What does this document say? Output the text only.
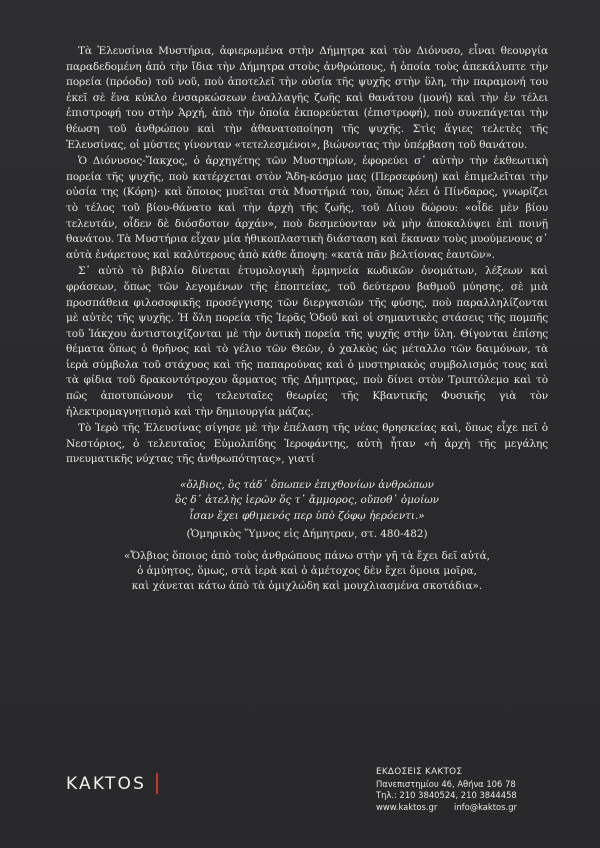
Τὰ Ἐλευσίνια Μυστήρια, ἀφιερωμένα στὴν Δήμητρα καὶ τὸν Διόνυσο, εἶναι θεουργία παραδεδομένη ἀπὸ τὴν ἴδια τὴν Δήμητρα στοὺς ἀνθρώπους, ἡ ὁποία τοὺς ἀπεκάλυπτε τὴν πορεία (πρόοδο) τοῦ νοῦ, ποὺ ἀποτελεῖ τὴν οὐσία τῆς ψυχῆς στὴν ὕλη, τὴν παραμονή του ἐκεῖ σὲ ἕνα κύκλο ἐνσαρκώσεων ἐναλλαγῆς ζωῆς καὶ θανάτου (μονή) καὶ τὴν ἐν τέλει ἐπιστροφή του στὴν Ἀρχή, ἀπὸ τὴν ὁποία ἐκπορεύεται (ἐπιστροφή), ποὺ συνεπάγεται τὴν θέωση τοῦ ἀνθρώπου καὶ τὴν ἀθανατοποίηση τῆς ψυχῆς. Στὶς ἅγιες τελετὲς τῆς Ἐλευσίνας, οἱ μύστες γίνονταν «τετελεσμένοι», βιώνοντας τὴν ὑπέρβαση τοῦ θανάτου.

Ὁ Διόνυσος-Ἴακχος, ὁ ἀρχηγέτης τῶν Μυστηρίων, ἐφορεύει σ᾽ αὐτὴν τὴν ἐκθεωτικὴ πορεία τῆς ψυχῆς, ποὺ κατέρχεται στὸν Ἅδη-κόσμο μας (Περσεφόνη) καὶ ἐπιμελεῖται τὴν οὐσία της (Κόρη)· καὶ ὅποιος μυεῖται στὰ Μυστήριά του, ὅπως λέει ὁ Πίνδαρος, γνωρίζει τὸ τέλος τοῦ βίου-θάνατο καὶ τὴν ἀρχὴ τῆς ζωῆς, τοῦ Δίιου δώρου: «οἶδε μὲν βίου τελευτάν, οἶδεν δὲ διόσδοτον ἀρχάν», ποὺ δεσμεύονταν νὰ μὴν ἀποκαλύψει ἐπὶ ποινῇ θανάτου. Τὰ Μυστήρια εἶχαν μία ἠθικοπλαστικὴ διάσταση καὶ ἔκαναν τοὺς μυούμενους σ᾽ αὐτὰ ἐνάρετους καὶ καλύτερους ἀπὸ κάθε ἄποψη: «κατὰ πᾶν βελτίονας ἑαυτῶν».

Σ᾽ αὐτὸ τὸ βιβλίο δίνεται ἐτυμολογικὴ ἑρμηνεία κωδικῶν ὀνομάτων, λέξεων καὶ φράσεων, ὅπως τῶν λεγομένων τῆς ἐποπτείας, τοῦ δεύτερου βαθμοῦ μύησης, σὲ μιὰ προσπάθεια φιλοσοφικῆς προσέγγισης τῶν διεργασιῶν τῆς φύσης, ποὺ παραλληλίζονται μὲ αὐτὲς τῆς ψυχῆς. Ἡ ὅλη πορεία τῆς Ἱερᾶς Ὁδοῦ καὶ οἱ σημαντικὲς στάσεις τῆς πομπῆς τοῦ Ἰάκχου ἀντιστοιχίζονται μὲ τὴν ὀντικὴ πορεία τῆς ψυχῆς στὴν ὕλη. Θίγονται ἐπίσης θέματα ὅπως ὁ θρῆνος καὶ τὸ γέλιο τῶν Θεῶν, ὁ χαλκὸς ὡς μέταλλο τῶν δαιμόνων, τὰ ἱερὰ σύμβολα τοῦ στάχυος καὶ τῆς παπαρούνας καὶ ὁ μυστηριακὸς συμβολισμός τους καὶ τὰ φίδια τοῦ δρακοντότροχου ἅρματος τῆς Δήμητρας, ποὺ δίνει στὸν Τριπτόλεμο καὶ τὸ πῶς ἀποτυπώνουν τὶς τελευταῖες θεωρίες τῆς Κβαντικῆς Φυσικῆς γιὰ τὸν ἠλεκτρομαγνητισμὸ καὶ τὴν δημιουργία μάζας.

Τὸ Ἱερὸ τῆς Ἐλευσίνας σίγησε μὲ τὴν ἐπέλαση τῆς νέας θρησκείας καὶ, ὅπως εἶχε πεῖ ὁ Νεστόριος, ὁ τελευταῖος Εὐμολπίδης Ἱεροφάντης, αὐτὴ ἦταν «ἡ ἀρχὴ τῆς μεγάλης πνευματικῆς νύχτας τῆς ἀνθρωπότητας», γιατί

«ὄλβιος, ὃς τάδ᾽ ὄπωπεν ἐπιχθονίων ἀνθρώπων

ὃς δ᾽ ἀτελὴς ἱερῶν ὅς τ᾽ ἄμμορος, οὔποθ᾽ ὁμοίων

ἶσαν ἔχει φθιμενός περ ὑπὸ ζόφῳ ἠερόεντι.»

(Ὁμηρικὸς Ὕμνος εἰς Δήμητραν, στ. 480-482)

«Ὄλβιος ὅποιος ἀπὸ τοὺς ἀνθρώπους πάνω στὴν γῆ τὰ ἔχει δεῖ αὐτά,

ὁ ἀμύητος, ὅμως, στὰ ἱερὰ καὶ ὁ ἀμέτοχος δὲν ἔχει ὅμοια μοῖρα,

καὶ χάνεται κάτω ἀπὸ τὰ ὁμιχλώδη καὶ μουχλιασμένα σκοτάδια».

KAKTOS
ΕΚΔΟΣΕΙΣ ΚΑΚΤΟΣ
Πανεπιστημίου 46, Αθήνα 106 78
Τηλ.: 210 3840524, 210 3844458
www.kaktos.gr info@kaktos.gr
